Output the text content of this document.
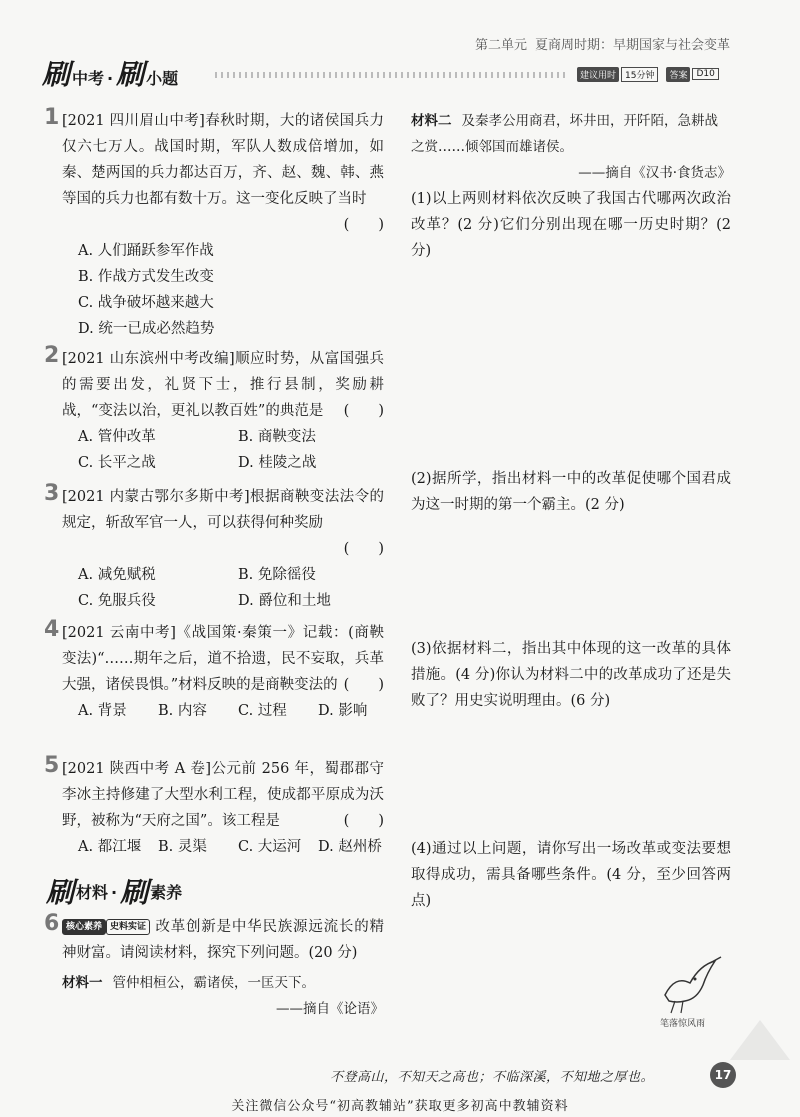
第二单元 夏商周时期：早期国家与社会变革
刷 中考 · 刷 小题	建议用时	15分钟	答案	D10
1 [2021 四川眉山中考]春秋时期，大的诸侯国兵力仅六七万人。战国时期，军队人数成倍增加，如秦、楚两国的兵力都达百万，齐、赵、魏、韩、燕等国的兵力也都有数十万。这一变化反映了当时
(　　)
A. 人们踊跃参军作战
B. 作战方式发生改变
C. 战争破坏越来越大
D. 统一已成必然趋势
2 [2021 山东滨州中考改编]顺应时势，从富国强兵的需要出发，礼贤下士，推行县制，奖励耕战，“变法以治，更礼以教百姓”的典范是 (　　)
A. 管仲改革	B. 商鞅变法
C. 长平之战	D. 桂陵之战
3 [2021 内蒙古鄂尔多斯中考]根据商鞅变法法令的规定，斩敌军官一人，可以获得何种奖励
(　　)
A. 减免赋税	B. 免除徭役
C. 免服兵役	D. 爵位和土地
4 [2021 云南中考]《战国策·秦策一》记载：(商鞅变法)“……期年之后，道不拾遗，民不妄取，兵革大强，诸侯畏惧。”材料反映的是商鞅变法的 (　　)
A. 背景	B. 内容	C. 过程	D. 影响
5 [2021 陕西中考 A 卷]公元前 256 年，蜀郡郡守李冰主持修建了大型水利工程，使成都平原成为沃野，被称为“天府之国”。该工程是	(　　)
A. 都江堰	B. 灵渠	C. 大运河	D. 赵州桥
刷 材料 · 刷 素养
6 核心素养 史料实证 改革创新是中华民族源远流长的精神财富。请阅读材料，探究下列问题。(20 分)
材料一 管仲相桓公，霸诸侯，一匡天下。
——摘自《论语》
材料二 及秦孝公用商君，坏井田，开阡陌，急耕战之赏……倾邻国而雄诸侯。
——摘自《汉书·食货志》
(1)以上两则材料依次反映了我国古代哪两次政治改革？(2 分)它们分别出现在哪一历史时期？(2 分)
(2)据所学，指出材料一中的改革促使哪个国君成为这一时期的第一个霸主。(2 分)
(3)依据材料二，指出其中体现的这一改革的具体措施。(4 分)你认为材料二中的改革成功了还是失败了？用史实说明理由。(6 分)
(4)通过以上问题，请你写出一场改革或变法要想取得成功，需具备哪些条件。(4 分，至少回答两点)
笔落惊风雨
不登高山，不知天之高也；不临深溪，不知地之厚也。	17
关注微信公众号“初高教辅站”获取更多初高中教辅资料
